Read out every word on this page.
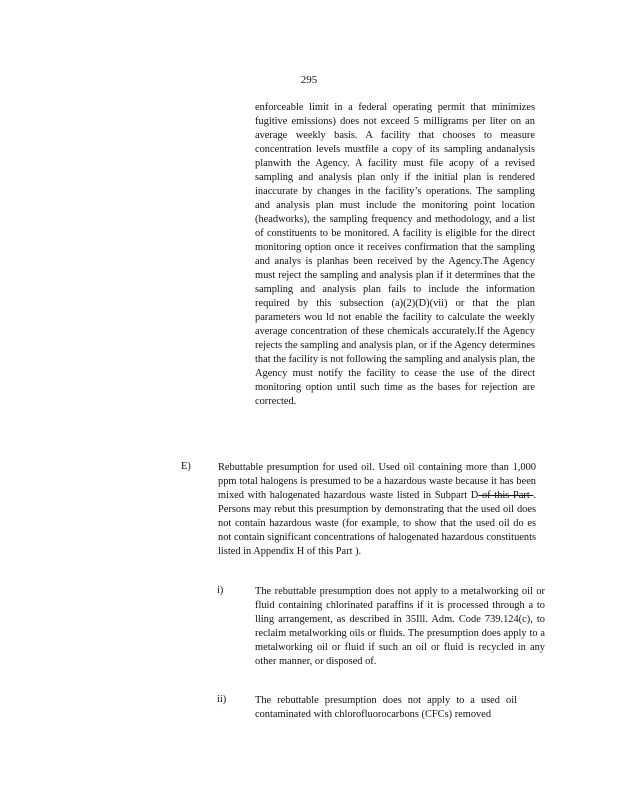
295

enforceable limit in a federal operating permit that minimizes fugitive emissions) does not exceed 5 milligrams per liter on an average weekly basis. A facility that chooses to measure concentration levels mustfile a copy of its sampling andanalysis planwith the Agency. A facility must file acopy of a revised sampling and analysis plan only if the initial plan is rendered inaccurate by changes in the facility’s operations. The sampling and analysis plan must include the monitoring point location (headworks), the sampling frequency and methodology, and a list of constituents to be monitored. A facility is eligible for the direct monitoring option once it receives confirmation that the sampling and analys is planhas been received by the Agency.The Agency must reject the sampling and analysis plan if it determines that the sampling and analysis plan fails to include the information required by this subsection (a)(2)(D)(vii) or that the plan parameters wou ld not enable the facility to calculate the weekly average concentration of these chemicals accurately.If the Agency rejects the sampling and analysis plan, or if the Agency determines that the facility is not following the sampling and analysis plan, the Agency must notify the facility to cease the use of the direct monitoring option until such time as the bases for rejection are corrected.

E)	Rebuttable presumption for used oil. Used oil containing more than 1,000 ppm total halogens is presumed to be a hazardous waste because it has been mixed with halogenated hazardous waste listed in Subpart D of this Part . Persons may rebut this presumption by demonstrating that the used oil does not contain hazardous waste (for example, to show that the used oil do es not contain significant concentrations of halogenated hazardous constituents listed in Appendix H of this Part ).

i)	The rebuttable presumption does not apply to a metalworking oil or fluid containing chlorinated paraffins if it is processed through a to lling arrangement, as described in 35Ill. Adm. Code 739.124(c), to reclaim metalworking oils or fluids. The presumption does apply to a metalworking oil or fluid if such an oil or fluid is recycled in any other manner, or disposed of.

ii)	The rebuttable presumption does not apply to a used oil contaminated with chlorofluorocarbons (CFCs) removed
